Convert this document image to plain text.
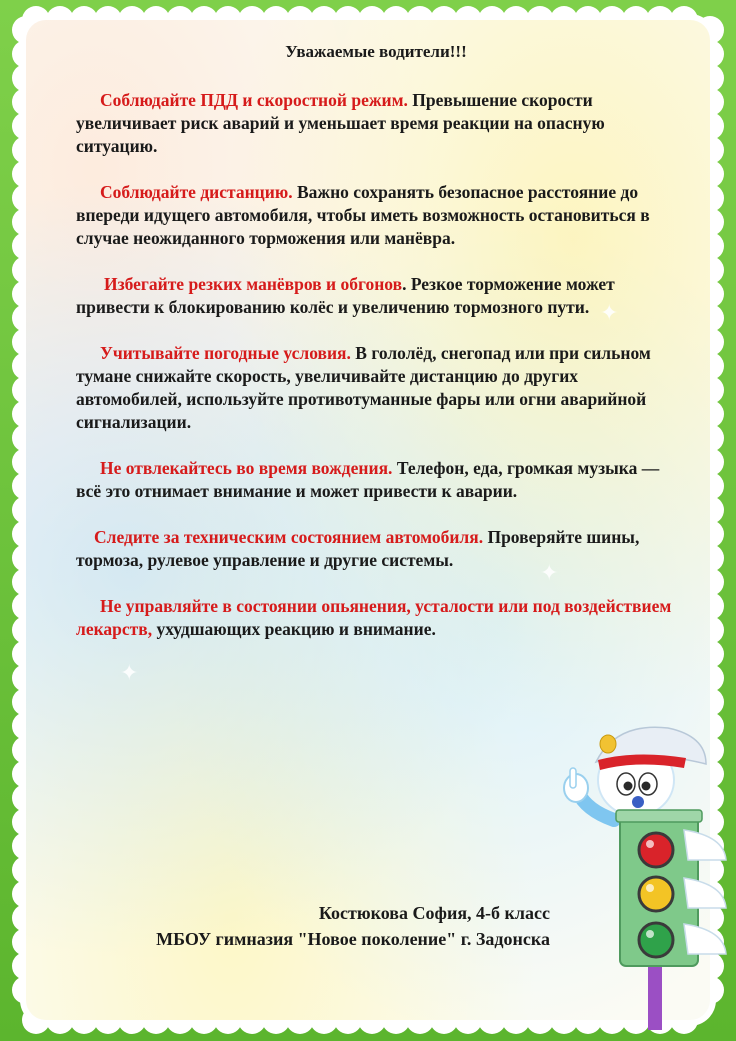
✦
✦
✦
Уважаемые водители!!!

Соблюдайте ПДД и скоростной режим. Превышение скорости увеличивает риск аварий и уменьшает время реакции на опасную ситуацию.

Соблюдайте дистанцию. Важно сохранять безопасное расстояние до впереди идущего автомобиля, чтобы иметь возможность остановиться в случае неожиданного торможения или манёвра.

Избегайте резких манёвров и обгонов. Резкое торможение может привести к блокированию колёс и увеличению тормозного пути.

Учитывайте погодные условия. В гололёд, снегопад или при сильном тумане снижайте скорость, увеличивайте дистанцию до других автомобилей, используйте противотуманные фары или огни аварийной сигнализации.

Не отвлекайтесь во время вождения. Телефон, еда, громкая музыка — всё это отнимает внимание и может привести к аварии.

Следите за техническим состоянием автомобиля. Проверяйте шины, тормоза, рулевое управление и другие системы.

Не управляйте в состоянии опьянения, усталости или под воздействием лекарств, ухудшающих реакцию и внимание.

Костюкова София, 4-б класс
МБОУ гимназия "Новое поколение" г. Задонска
